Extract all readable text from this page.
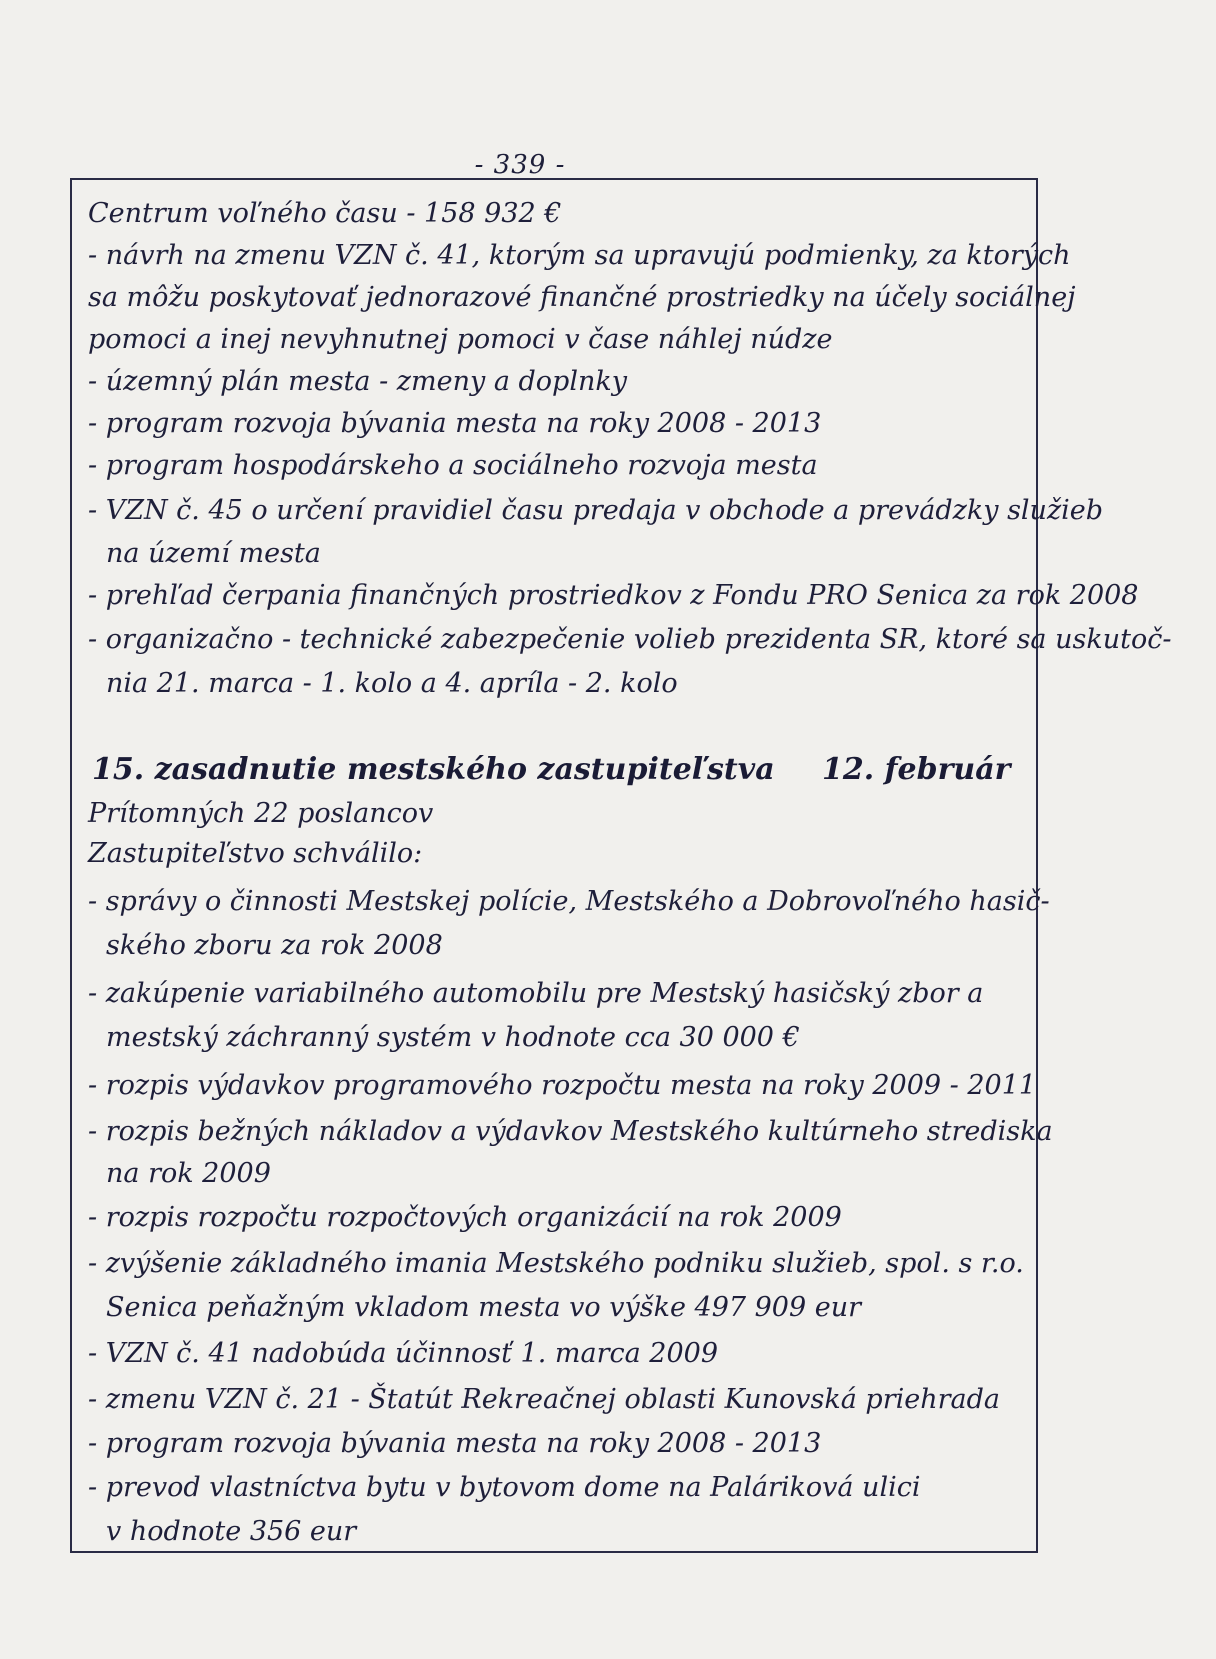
- 339 -
Centrum voľného času - 158 932 €
- návrh na zmenu VZN č. 41, ktorým sa upravujú podmienky, za ktorých
sa môžu poskytovať jednorazové finančné prostriedky na účely sociálnej
pomoci a inej nevyhnutnej pomoci v čase náhlej núdze
- územný plán mesta - zmeny a doplnky
- program rozvoja bývania mesta na roky 2008 - 2013
- program hospodárskeho a sociálneho rozvoja mesta
- VZN č. 45 o určení pravidiel času predaja v obchode a prevádzky služieb
na území mesta
- prehľad čerpania finančných prostriedkov z Fondu PRO Senica za rok 2008
- organizačno - technické zabezpečenie volieb prezidenta SR, ktoré sa uskutoč-
nia 21. marca - 1. kolo a 4. apríla - 2. kolo
15. zasadnutie mestského zastupiteľstva 12. február
Prítomných 22 poslancov
Zastupiteľstvo schválilo:
- správy o činnosti Mestskej polície, Mestského a Dobrovoľného hasič-
ského zboru za rok 2008
- zakúpenie variabilného automobilu pre Mestský hasičský zbor a
mestský záchranný systém v hodnote cca 30 000 €
- rozpis výdavkov programového rozpočtu mesta na roky 2009 - 2011
- rozpis bežných nákladov a výdavkov Mestského kultúrneho strediska
na rok 2009
- rozpis rozpočtu rozpočtových organizácií na rok 2009
- zvýšenie základného imania Mestského podniku služieb, spol. s r.o.
Senica peňažným vkladom mesta vo výške 497 909 eur
- VZN č. 41 nadobúda účinnosť 1. marca 2009
- zmenu VZN č. 21 - Štatút Rekreačnej oblasti Kunovská priehrada
- program rozvoja bývania mesta na roky 2008 - 2013
- prevod vlastníctva bytu v bytovom dome na Paláriková ulici
v hodnote 356 eur
